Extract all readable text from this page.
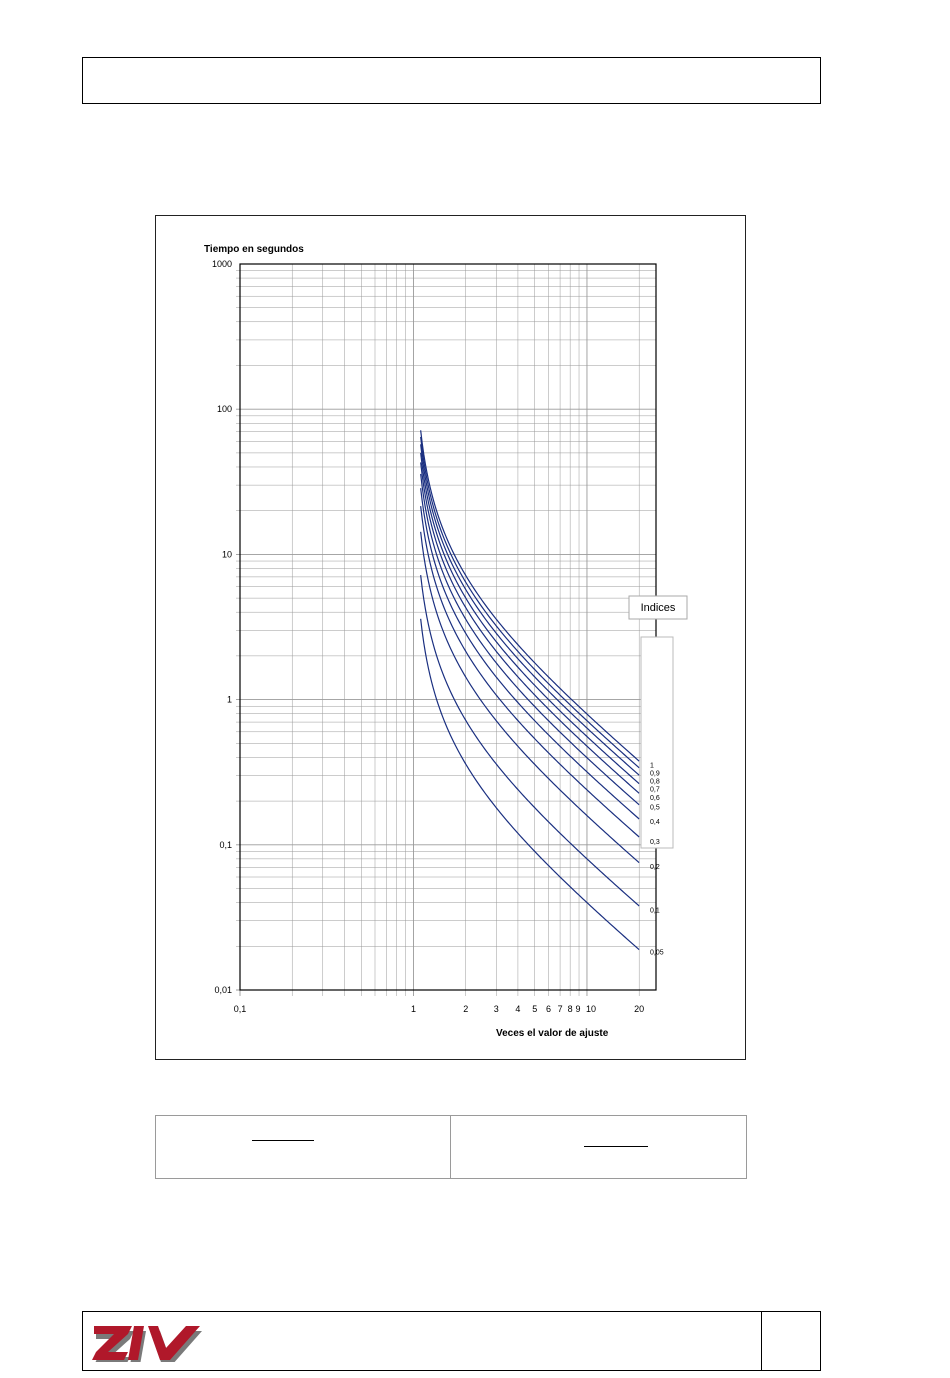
1000
100
10
1
0,1
0,01
0,1	1	2	3 4 5 6 7 8 9 10	20
Tiempo en segundos
Veces el valor de ajuste
Indices
1
0,9
0,8
0,7
0,6
0,5
0,4
0,3
0,2
0,1
0,05
